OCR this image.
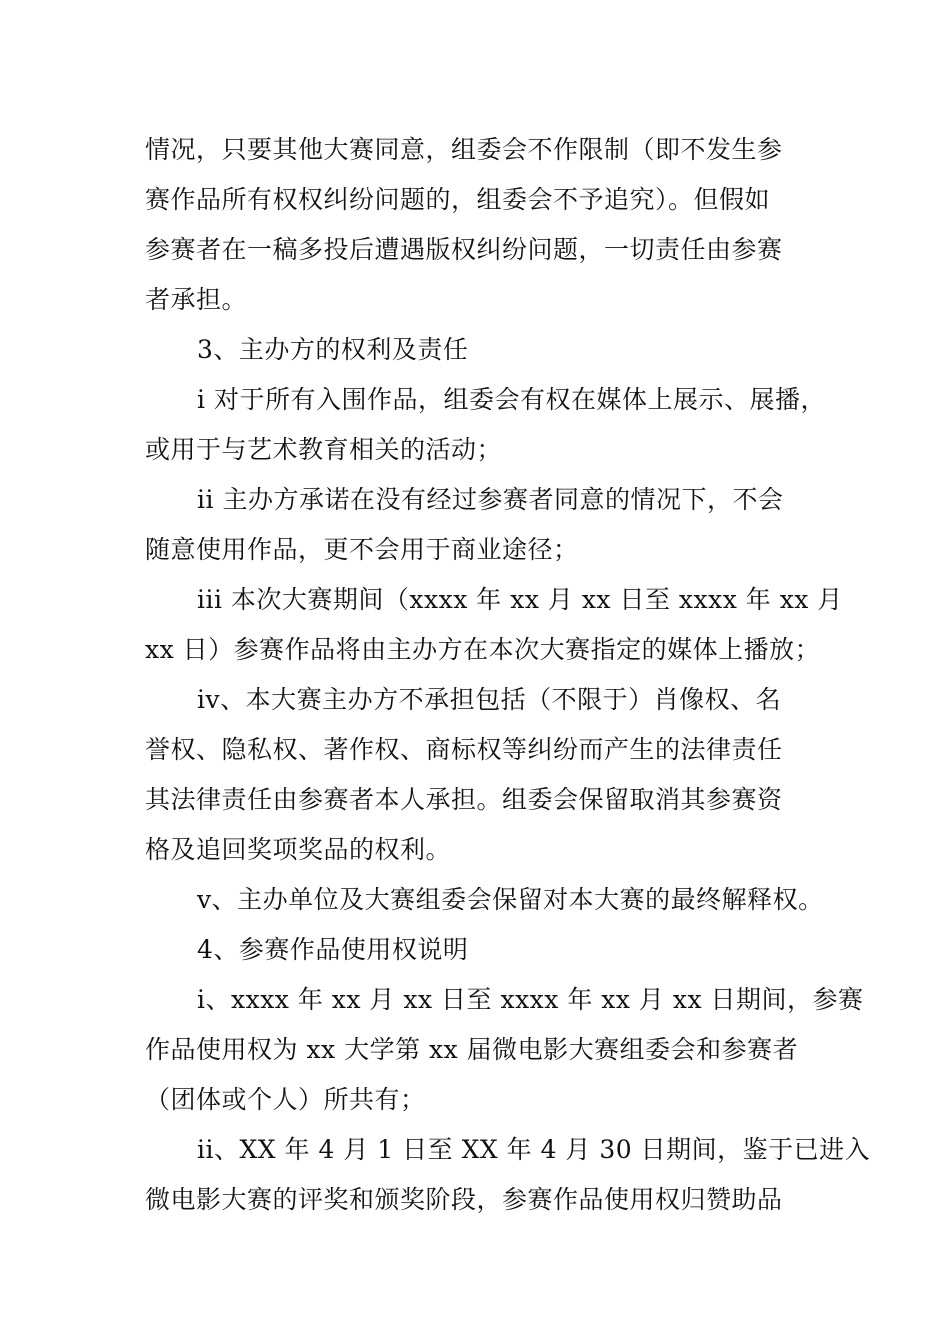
情况，只要其他大赛同意，组委会不作限制（即不发生参
赛作品所有权权纠纷问题的，组委会不予追究）。但假如
参赛者在一稿多投后遭遇版权纠纷问题，一切责任由参赛
者承担。
3、主办方的权利及责任
i 对于所有入围作品，组委会有权在媒体上展示、展播，
或用于与艺术教育相关的活动；
ii 主办方承诺在没有经过参赛者同意的情况下，不会
随意使用作品，更不会用于商业途径；
iii 本次大赛期间（xxxx 年 xx 月 xx 日至 xxxx 年 xx 月
xx 日）参赛作品将由主办方在本次大赛指定的媒体上播放；
iv、本大赛主办方不承担包括（不限于）肖像权、名
誉权、隐私权、著作权、商标权等纠纷而产生的法律责任
其法律责任由参赛者本人承担。组委会保留取消其参赛资
格及追回奖项奖品的权利。
v、主办单位及大赛组委会保留对本大赛的最终解释权。
4、参赛作品使用权说明
i、xxxx 年 xx 月 xx 日至 xxxx 年 xx 月 xx 日期间，参赛
作品使用权为 xx 大学第 xx 届微电影大赛组委会和参赛者
（团体或个人）所共有；
ii、XX 年 4 月 1 日至 XX 年 4 月 30 日期间，鉴于已进入
微电影大赛的评奖和颁奖阶段，参赛作品使用权归赞助品
